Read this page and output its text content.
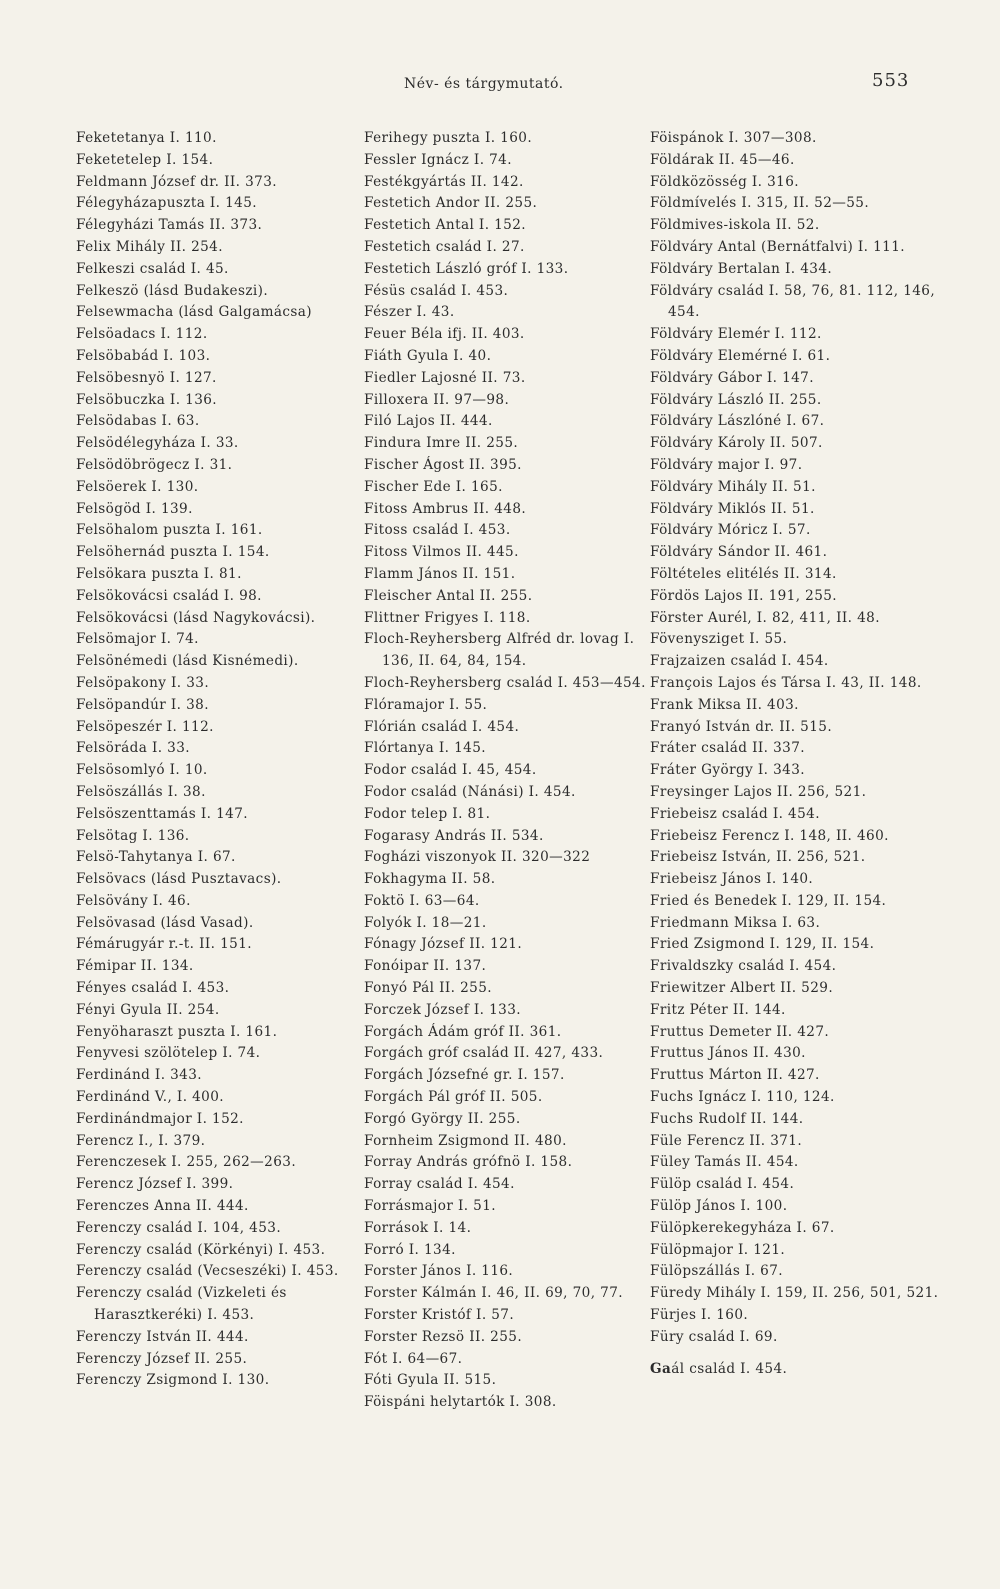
Név- és tárgymutató.	553

Feketetanya I. 110.

Feketetelep I. 154.

Feldmann József dr. II. 373.

Félegyházapuszta I. 145.

Félegyházi Tamás II. 373.

Felix Mihály II. 254.

Felkeszi család I. 45.

Felkeszö (lásd Budakeszi).

Felsewmacha (lásd Galgamácsa)

Felsöadacs I. 112.

Felsöbabád I. 103.

Felsöbesnyö I. 127.

Felsöbuczka I. 136.

Felsödabas I. 63.

Felsödélegyháza I. 33.

Felsödöbrögecz I. 31.

Felsöerek I. 130.

Felsögöd I. 139.

Felsöhalom puszta I. 161.

Felsöhernád puszta I. 154.

Felsökara puszta I. 81.

Felsökovácsi család I. 98.

Felsökovácsi (lásd Nagykovácsi).

Felsömajor I. 74.

Felsönémedi (lásd Kisnémedi).

Felsöpakony I. 33.

Felsöpandúr I. 38.

Felsöpeszér I. 112.

Felsöráda I. 33.

Felsösomlyó I. 10.

Felsöszállás I. 38.

Felsöszenttamás I. 147.

Felsötag I. 136.

Felsö-Tahytanya I. 67.

Felsövacs (lásd Pusztavacs).

Felsövány I. 46.

Felsövasad (lásd Vasad).

Fémárugyár r.-t. II. 151.

Fémipar II. 134.

Fényes család I. 453.

Fényi Gyula II. 254.

Fenyöharaszt puszta I. 161.

Fenyvesi szölötelep I. 74.

Ferdinánd I. 343.

Ferdinánd V., I. 400.

Ferdinándmajor I. 152.

Ferencz I., I. 379.

Ferenczesek I. 255, 262—263.

Ferencz József I. 399.

Ferenczes Anna II. 444.

Ferenczy család I. 104, 453.

Ferenczy család (Körkényi) I. 453.

Ferenczy család (Vecseszéki) I. 453.

Ferenczy család (Vizkeleti és Harasztkeréki) I. 453.

Ferenczy István II. 444.

Ferenczy József II. 255.

Ferenczy Zsigmond I. 130.

Ferihegy puszta I. 160.

Fessler Ignácz I. 74.

Festékgyártás II. 142.

Festetich Andor II. 255.

Festetich Antal I. 152.

Festetich család I. 27.

Festetich László gróf I. 133.

Fésüs család I. 453.

Fészer I. 43.

Feuer Béla ifj. II. 403.

Fiáth Gyula I. 40.

Fiedler Lajosné II. 73.

Filloxera II. 97—98.

Filó Lajos II. 444.

Findura Imre II. 255.

Fischer Ágost II. 395.

Fischer Ede I. 165.

Fitoss Ambrus II. 448.

Fitoss család I. 453.

Fitoss Vilmos II. 445.

Flamm János II. 151.

Fleischer Antal II. 255.

Flittner Frigyes I. 118.

Floch-Reyhersberg Alfréd dr. lovag I. 136, II. 64, 84, 154.

Floch-Reyhersberg család I. 453—454.

Flóramajor I. 55.

Flórián család I. 454.

Flórtanya I. 145.

Fodor család I. 45, 454.

Fodor család (Nánási) I. 454.

Fodor telep I. 81.

Fogarasy András II. 534.

Fogházi viszonyok II. 320—322

Fokhagyma II. 58.

Foktö I. 63—64.

Folyók I. 18—21.

Fónagy József II. 121.

Fonóipar II. 137.

Fonyó Pál II. 255.

Forczek József I. 133.

Forgách Ádám gróf II. 361.

Forgách gróf család II. 427, 433.

Forgách Józsefné gr. I. 157.

Forgách Pál gróf II. 505.

Forgó György II. 255.

Fornheim Zsigmond II. 480.

Forray András grófnö I. 158.

Forray család I. 454.

Forrásmajor I. 51.

Források I. 14.

Forró I. 134.

Forster János I. 116.

Forster Kálmán I. 46, II. 69, 70, 77.

Forster Kristóf I. 57.

Forster Rezsö II. 255.

Fót I. 64—67.

Fóti Gyula II. 515.

Föispáni helytartók I. 308.

Föispánok I. 307—308.

Földárak II. 45—46.

Földközösség I. 316.

Földmívelés I. 315, II. 52—55.

Földmives-iskola II. 52.

Földváry Antal (Bernátfalvi) I. 111.

Földváry Bertalan I. 434.

Földváry család I. 58, 76, 81. 112, 146, 454.

Földváry Elemér I. 112.

Földváry Elemérné I. 61.

Földváry Gábor I. 147.

Földváry László II. 255.

Földváry Lászlóné I. 67.

Földváry Károly II. 507.

Földváry major I. 97.

Földváry Mihály II. 51.

Földváry Miklós II. 51.

Földváry Móricz I. 57.

Földváry Sándor II. 461.

Föltételes elitélés II. 314.

Fördös Lajos II. 191, 255.

Förster Aurél, I. 82, 411, II. 48.

Fövenysziget I. 55.

Frajzaizen család I. 454.

François Lajos és Társa I. 43, II. 148.

Frank Miksa II. 403.

Franyó István dr. II. 515.

Fráter család II. 337.

Fráter György I. 343.

Freysinger Lajos II. 256, 521.

Friebeisz család I. 454.

Friebeisz Ferencz I. 148, II. 460.

Friebeisz István, II. 256, 521.

Friebeisz János I. 140.

Fried és Benedek I. 129, II. 154.

Friedmann Miksa I. 63.

Fried Zsigmond I. 129, II. 154.

Frivaldszky család I. 454.

Friewitzer Albert II. 529.

Fritz Péter II. 144.

Fruttus Demeter II. 427.

Fruttus János II. 430.

Fruttus Márton II. 427.

Fuchs Ignácz I. 110, 124.

Fuchs Rudolf II. 144.

Füle Ferencz II. 371.

Füley Tamás II. 454.

Fülöp család I. 454.

Fülöp János I. 100.

Fülöpkerekegyháza I. 67.

Fülöpmajor I. 121.

Fülöpszállás I. 67.

Füredy Mihály I. 159, II. 256, 501, 521.

Fürjes I. 160.

Füry család I. 69.

Gaál család I. 454.
